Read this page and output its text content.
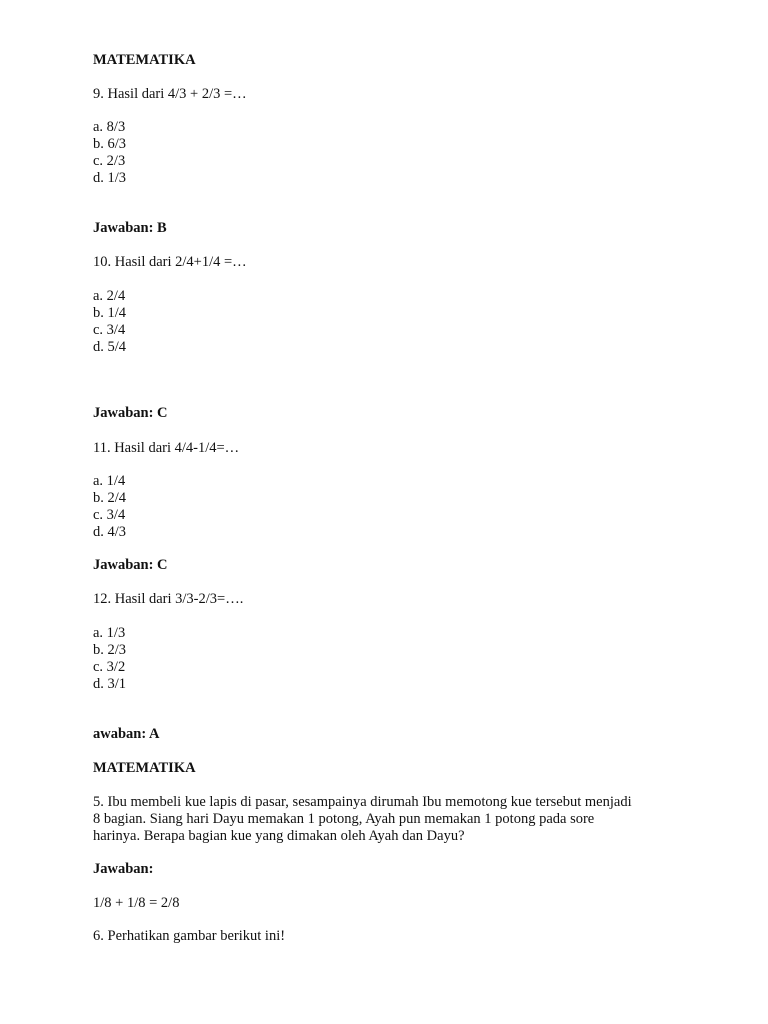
MATEMATIKA
9. Hasil dari 4/3 + 2/3 =…
a. 8/3
b. 6/3
c. 2/3
d. 1/3
Jawaban: B
10. Hasil dari 2/4+1/4 =…
a. 2/4
b. 1/4
c. 3/4
d. 5/4
Jawaban: C
11. Hasil dari 4/4-1/4=…
a. 1/4
b. 2/4
c. 3/4
d. 4/3
Jawaban: C
12. Hasil dari 3/3-2/3=….
a. 1/3
b. 2/3
c. 3/2
d. 3/1
awaban: A
MATEMATIKA
5. Ibu membeli kue lapis di pasar, sesampainya dirumah Ibu memotong kue tersebut menjadi
8 bagian. Siang hari Dayu memakan 1 potong, Ayah pun memakan 1 potong pada sore
harinya. Berapa bagian kue yang dimakan oleh Ayah dan Dayu?
Jawaban:
1/8 + 1/8 = 2/8
6. Perhatikan gambar berikut ini!
